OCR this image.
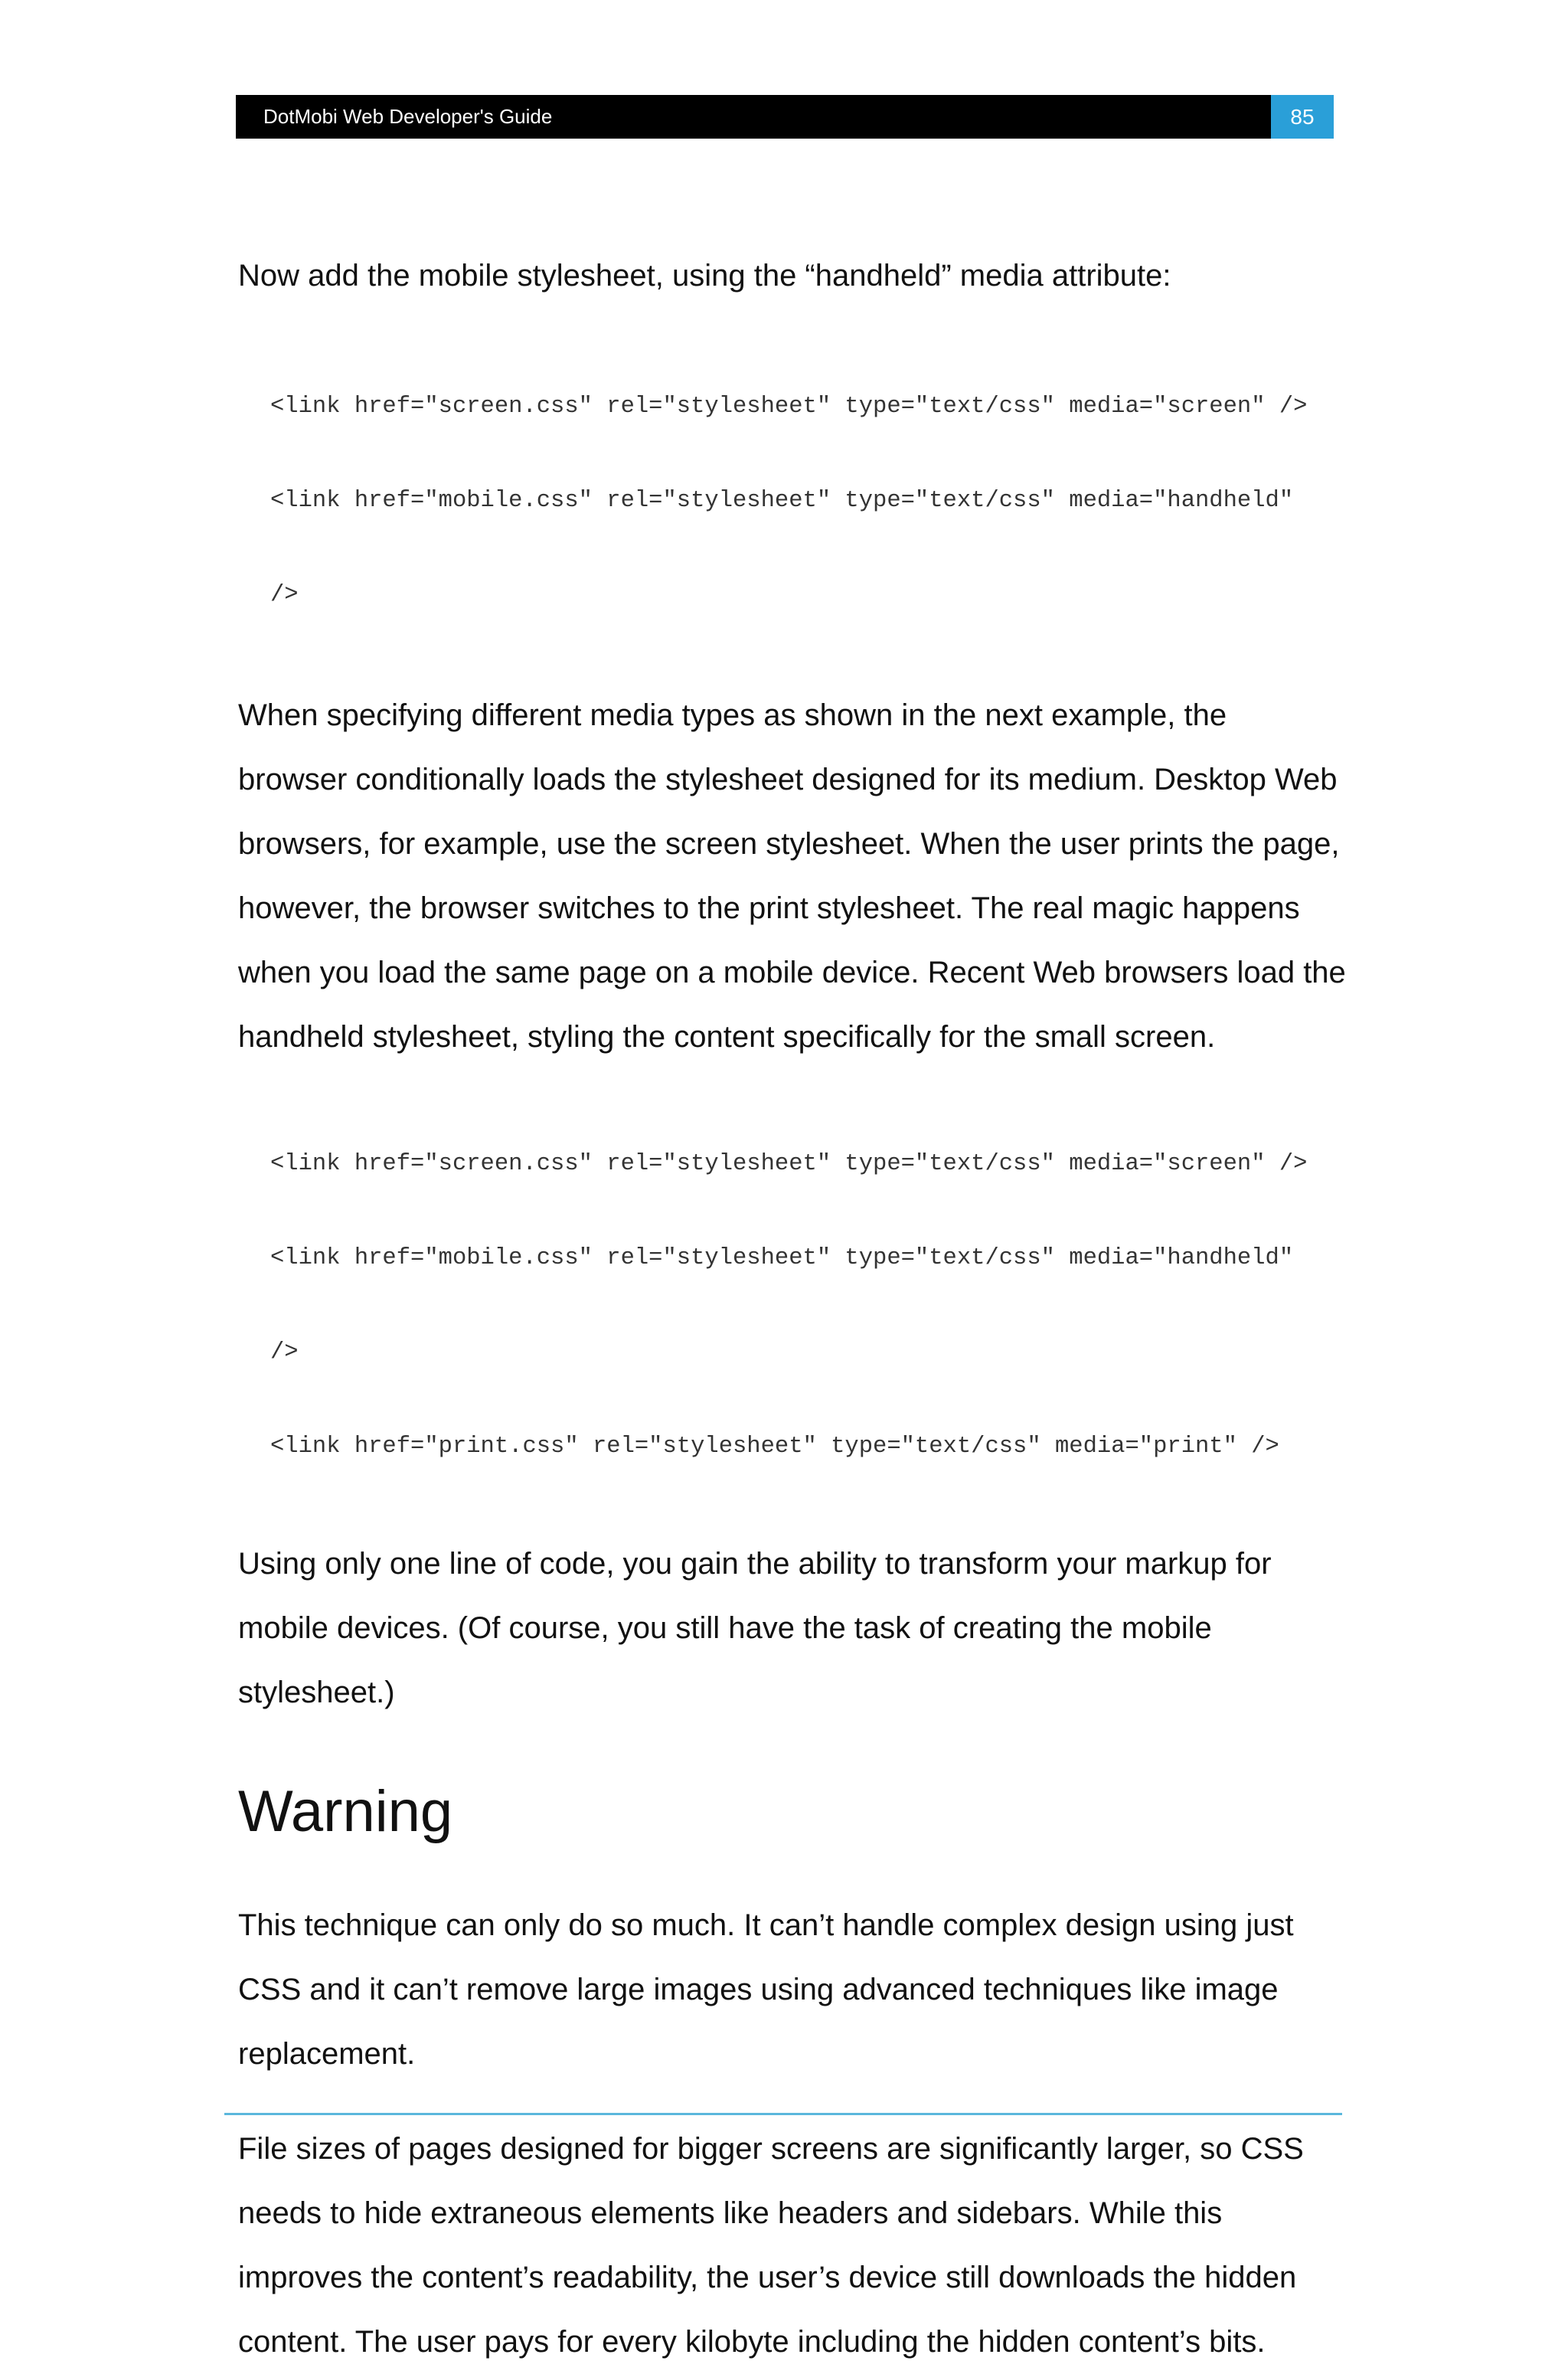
DotMobi Web Developer's Guide	85

Now add the mobile stylesheet, using the “handheld” media attribute:

<link href="screen.css" rel="stylesheet" type="text/css" media="screen" />

<link href="mobile.css" rel="stylesheet" type="text/css" media="handheld"

/>

When specifying different media types as shown in the next example, the
browser conditionally loads the stylesheet designed for its medium. Desktop Web
browsers, for example, use the screen stylesheet. When the user prints the page,
however, the browser switches to the print stylesheet. The real magic happens
when you load the same page on a mobile device. Recent Web browsers load the
handheld stylesheet, styling the content specifically for the small screen.

<link href="screen.css" rel="stylesheet" type="text/css" media="screen" />

<link href="mobile.css" rel="stylesheet" type="text/css" media="handheld"

/>

<link href="print.css" rel="stylesheet" type="text/css" media="print" />

Using only one line of code, you gain the ability to transform your markup for
mobile devices. (Of course, you still have the task of creating the mobile
stylesheet.)
Warning
This technique can only do so much. It can’t handle complex design using just
CSS and it can’t remove large images using advanced techniques like image
replacement.
File sizes of pages designed for bigger screens are significantly larger, so CSS
needs to hide extraneous elements like headers and sidebars. While this
improves the content’s readability, the user’s device still downloads the hidden
content. The user pays for every kilobyte including the hidden content’s bits.
